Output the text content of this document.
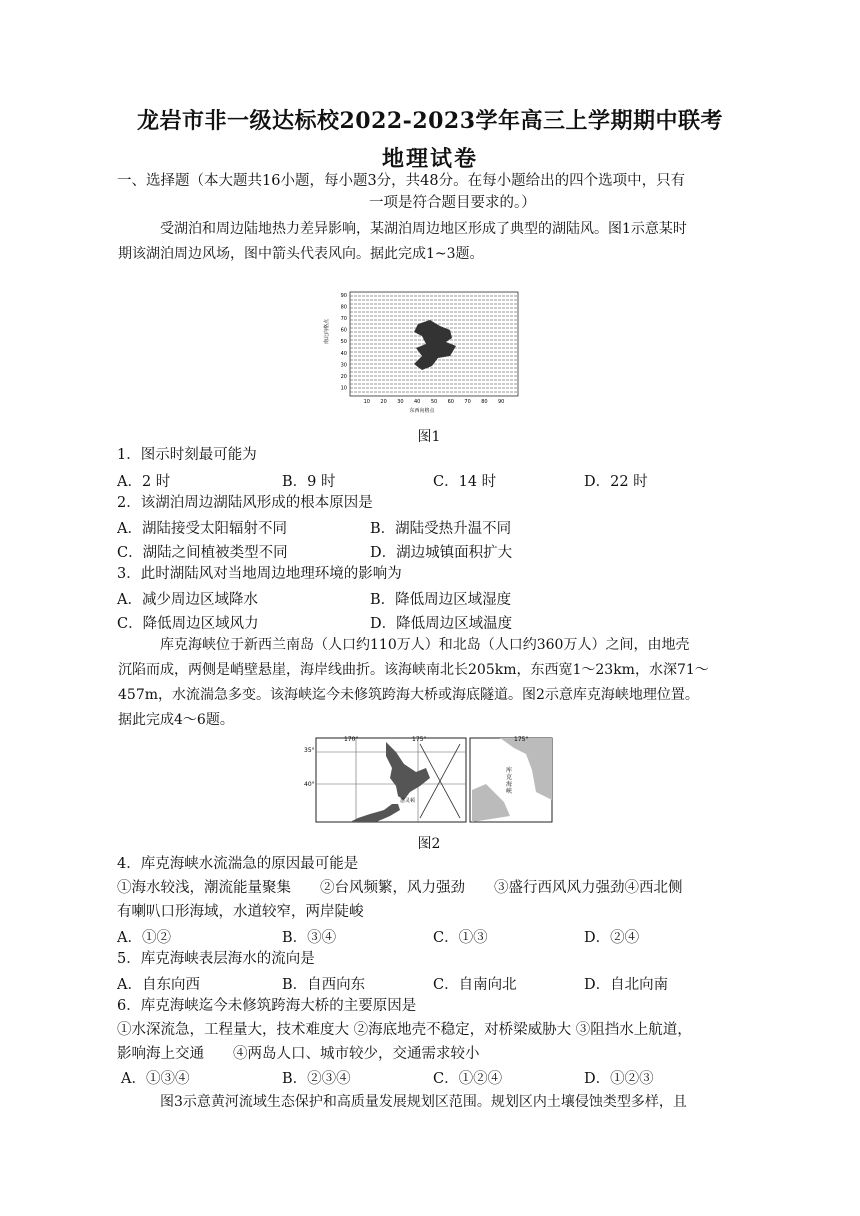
龙岩市非一级达标校2022-2023学年高三上学期期中联考
地理试卷
一、选择题（本大题共16小题，每小题3分，共48分。在每小题给出的四个选项中，只有
一项是符合题目要求的。）
受湖泊和周边陆地热力差异影响，某湖泊周边地区形成了典型的湖陆风。图1示意某时
期该湖泊周边风场，图中箭头代表风向。据此完成1~3题。
南北向格点
东西向格点
10 20 30 40 50 60 70 80 90
90
80
70
60
50
40
30
20
10
图1
1．图示时刻最可能为
A．2 时	B．9 时	C．14 时	D．22 时
2．该湖泊周边湖陆风形成的根本原因是
A．湖陆接受太阳辐射不同	B．湖陆受热升温不同
C．湖陆之间植被类型不同	D．湖边城镇面积扩大
3．此时湖陆风对当地周边地理环境的影响为
A．减少周边区域降水	B．降低周边区域湿度
C．降低周边区域风力	D．降低周边区域温度
库克海峡位于新西兰南岛（人口约110万人）和北岛（人口约360万人）之间，由地壳
沉陷而成，两侧是峭壁悬崖，海岸线曲折。该海峡南北长205km，东西宽1～23km，水深71～
457m，水流湍急多变。该海峡迄今未修筑跨海大桥或海底隧道。图2示意库克海峡地理位置。
据此完成4～6题。
170°	175°	175°
35°
40°
惠灵顿
库克海峡
图2
4．库克海峡水流湍急的原因最可能是
①海水较浅，潮流能量聚集　　②台风频繁，风力强劲　　③盛行西风风力强劲④西北侧
有喇叭口形海域，水道较窄，两岸陡峻
A．①②	B．③④	C．①③	D．②④
5．库克海峡表层海水的流向是
A．自东向西	B．自西向东	C．自南向北	D．自北向南
6．库克海峡迄今未修筑跨海大桥的主要原因是
①水深流急，工程量大，技术难度大 ②海底地壳不稳定，对桥梁威胁大 ③阻挡水上航道，
影响海上交通　　④两岛人口、城市较少，交通需求较小
A．①③④	B．②③④	C．①②④	D．①②③
图3示意黄河流域生态保护和高质量发展规划区范围。规划区内土壤侵蚀类型多样，且
